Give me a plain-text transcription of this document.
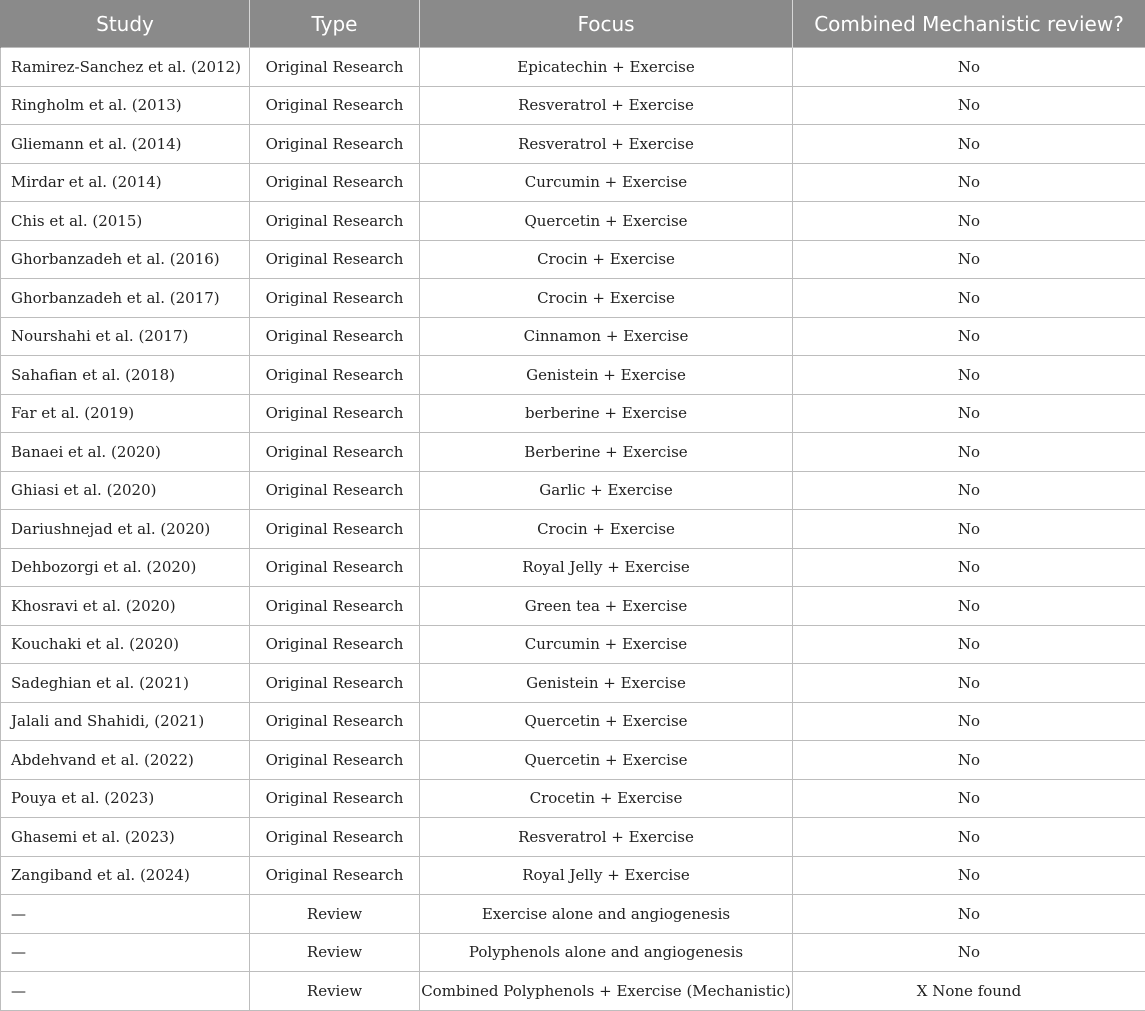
Study	Type	Focus	Combined Mechanistic review?
Ramirez-Sanchez et al. (2012)	Original Research	Epicatechin + Exercise	No
Ringholm et al. (2013)	Original Research	Resveratrol + Exercise	No
Gliemann et al. (2014)	Original Research	Resveratrol + Exercise	No
Mirdar et al. (2014)	Original Research	Curcumin + Exercise	No
Chis et al. (2015)	Original Research	Quercetin + Exercise	No
Ghorbanzadeh et al. (2016)	Original Research	Crocin + Exercise	No
Ghorbanzadeh et al. (2017)	Original Research	Crocin + Exercise	No
Nourshahi et al. (2017)	Original Research	Cinnamon + Exercise	No
Sahafian et al. (2018)	Original Research	Genistein + Exercise	No
Far et al. (2019)	Original Research	berberine + Exercise	No
Banaei et al. (2020)	Original Research	Berberine + Exercise	No
Ghiasi et al. (2020)	Original Research	Garlic + Exercise	No
Dariushnejad et al. (2020)	Original Research	Crocin + Exercise	No
Dehbozorgi et al. (2020)	Original Research	Royal Jelly + Exercise	No
Khosravi et al. (2020)	Original Research	Green tea + Exercise	No
Kouchaki et al. (2020)	Original Research	Curcumin + Exercise	No
Sadeghian et al. (2021)	Original Research	Genistein + Exercise	No
Jalali and Shahidi, (2021)	Original Research	Quercetin + Exercise	No
Abdehvand et al. (2022)	Original Research	Quercetin + Exercise	No
Pouya et al. (2023)	Original Research	Crocetin + Exercise	No
Ghasemi et al. (2023)	Original Research	Resveratrol + Exercise	No
Zangiband et al. (2024)	Original Research	Royal Jelly + Exercise	No
—	Review	Exercise alone and angiogenesis	No
—	Review	Polyphenols alone and angiogenesis	No
—	Review	Combined Polyphenols + Exercise (Mechanistic)	X None found
